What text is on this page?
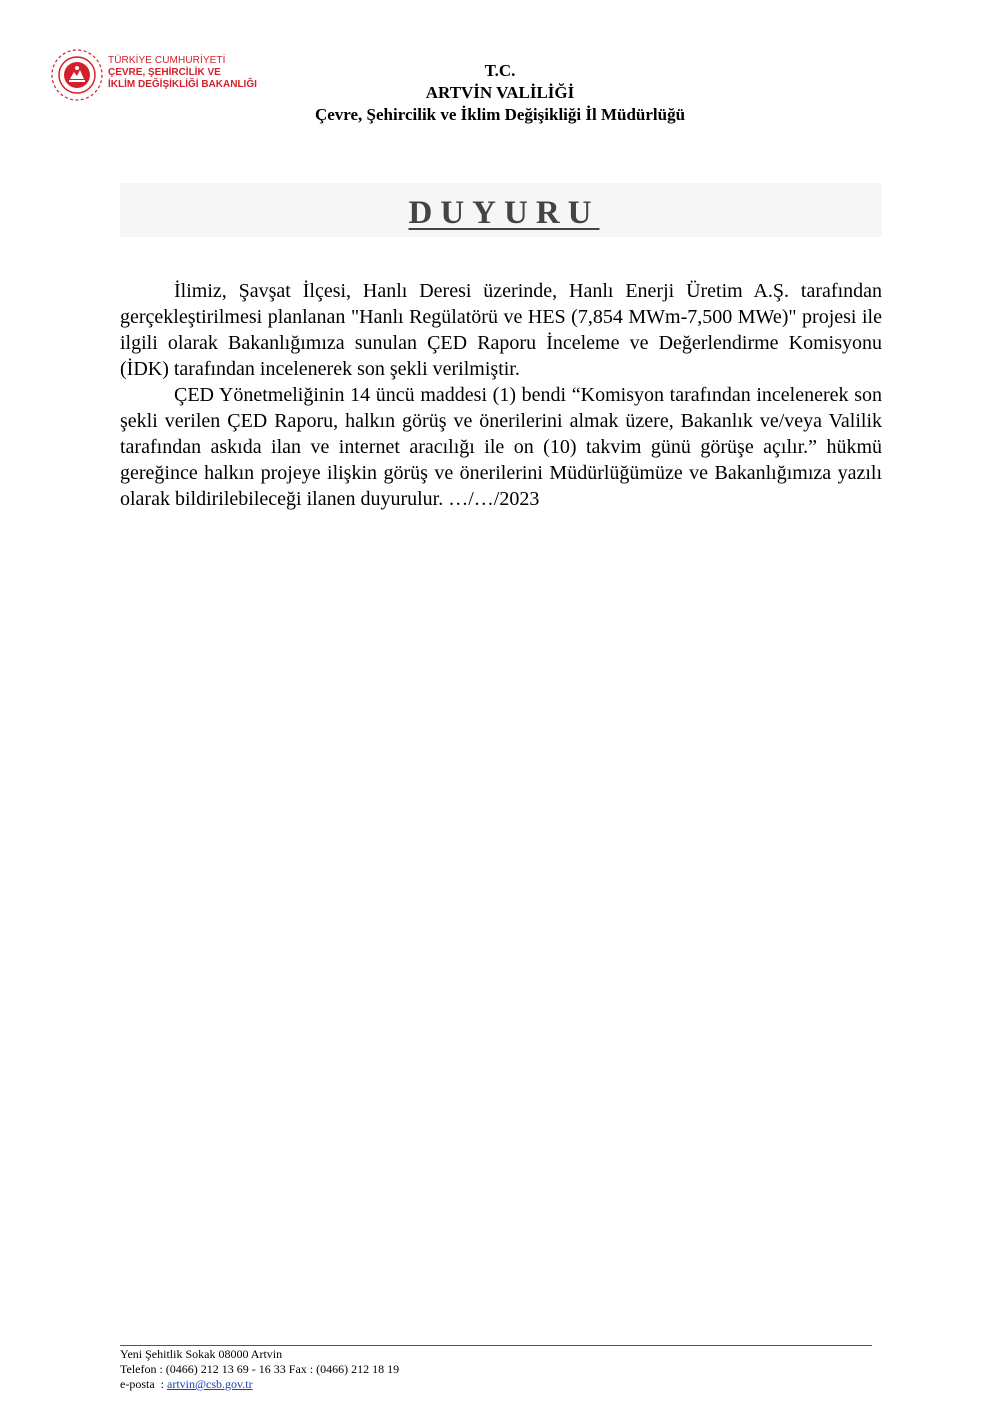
TÜRKİYE CUMHURİYETİ
ÇEVRE, ŞEHİRCİLİK VE
İKLİM DEĞİŞİKLİĞİ BAKANLIĞI
T.C.
ARTVİN VALİLİĞİ
Çevre, Şehircilik ve İklim Değişikliği İl Müdürlüğü
DUYURU

İlimiz, Şavşat İlçesi, Hanlı Deresi üzerinde, Hanlı Enerji Üretim A.Ş. tarafından gerçekleştirilmesi planlanan "Hanlı Regülatörü ve HES (7,854 MWm-7,500 MWe)" projesi ile ilgili olarak Bakanlığımıza sunulan ÇED Raporu İnceleme ve Değerlendirme Komisyonu (İDK) tarafından incelenerek son şekli verilmiştir.

ÇED Yönetmeliğinin 14 üncü maddesi (1) bendi “Komisyon tarafından incelenerek son şekli verilen ÇED Raporu, halkın görüş ve önerilerini almak üzere, Bakanlık ve/veya Valilik tarafından askıda ilan ve internet aracılığı ile on (10) takvim günü görüşe açılır.” hükmü gereğince halkın projeye ilişkin görüş ve önerilerini Müdürlüğümüze ve Bakanlığımıza yazılı olarak bildirilebileceği ilanen duyurulur. …/…/2023

Yeni Şehitlik Sokak 08000 Artvin
Telefon : (0466) 212 13 69 - 16 33 Fax : (0466) 212 18 19
e-posta  : artvin@csb.gov.tr
